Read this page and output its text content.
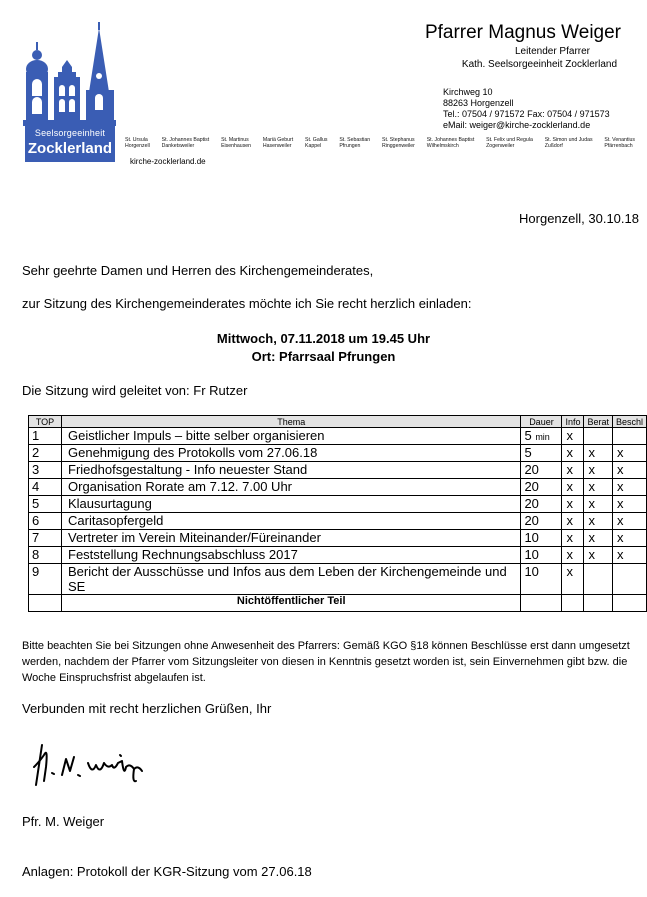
Seelsorgeeinheit
Zocklerland
Pfarrer Magnus Weiger
Leitender Pfarrer
Kath. Seelsorgeeinheit Zocklerland
Kirchweg 10
88263 Horgenzell
Tel.: 07504 / 971572 Fax: 07504 / 971573
eMail: weiger@kirche-zocklerland.de
St. Ursula
Horgenzell
St. Johannes Baptist
Danketsweiler
St. Martinus
Eisenhausen
Mariä Geburt
Hasenweiler
St. Gallus
Kappel
St. Sebastian
Pfrungen
St. Stephanus
Ringgenweiler
St. Johannes Baptist
Wilhelmskirch
St. Felix und Regula
Zogenweiler
St. Simon und Judas
Zußdorf
St. Venantius
Pfärrenbach
kirche-zocklerland.de
Horgenzell, 30.10.18
Sehr geehrte Damen und Herren des Kirchengemeinderates,
zur Sitzung des Kirchengemeinderates möchte ich Sie recht herzlich einladen:
Mittwoch, 07.11.2018 um 19.45 Uhr
Ort: Pfarrsaal Pfrungen
Die Sitzung wird geleitet von: Fr Rutzer
TOP	Thema	Dauer	Info	Berat	Beschl
1	Geistlicher Impuls – bitte selber organisieren	5 min	x		
2	Genehmigung des Protokolls vom 27.06.18	5	x	x	x
3	Friedhofsgestaltung - Info neuester Stand	20	x	x	x
4	Organisation Rorate am 7.12. 7.00 Uhr	20	x	x	x
5	Klausurtagung	20	x	x	x
6	Caritasopfergeld	20	x	x	x
7	Vertreter im Verein Miteinander/Füreinander	10	x	x	x
8	Feststellung Rechnungsabschluss 2017	10	x	x	x
9	Bericht der Ausschüsse und Infos aus dem Leben der Kirchengemeinde und SE	10	x		
	Nichtöffentlicher Teil				
Bitte beachten Sie bei Sitzungen ohne Anwesenheit des Pfarrers: Gemäß KGO §18 können Beschlüsse erst dann umgesetzt werden, nachdem der Pfarrer vom Sitzungsleiter von diesen in Kenntnis gesetzt worden ist, sein Einvernehmen gibt bzw. die Woche Einspruchsfrist abgelaufen ist.
Verbunden mit recht herzlichen Grüßen, Ihr
Pfr. M. Weiger
Anlagen: Protokoll der KGR-Sitzung vom 27.06.18
